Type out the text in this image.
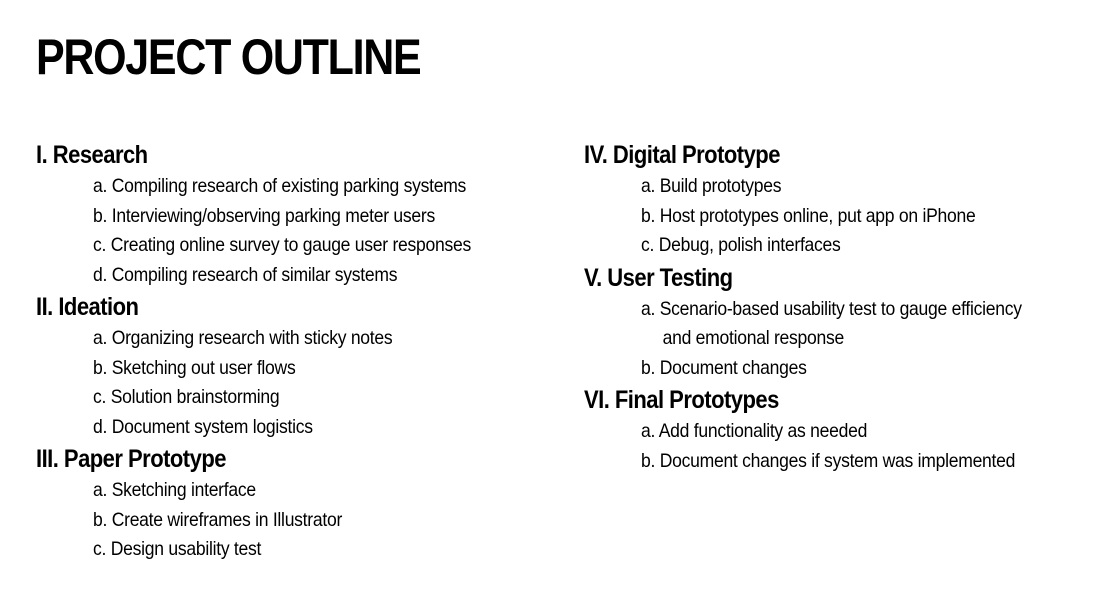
PROJECT OUTLINE
I. Research
a. Compiling research of existing parking systems
b. Interviewing/observing parking meter users
c. Creating online survey to gauge user responses
d. Compiling research of similar systems
II. Ideation
a. Organizing research with sticky notes
b. Sketching out user flows
c. Solution brainstorming
d. Document system logistics
III. Paper Prototype
a. Sketching interface
b. Create wireframes in Illustrator
c. Design usability test
IV. Digital Prototype
a. Build prototypes
b. Host prototypes online, put app on iPhone
c. Debug, polish interfaces
V. User Testing
a. Scenario-based usability test to gauge efficiency
and emotional response
b. Document changes
VI. Final Prototypes
a. Add functionality as needed
b. Document changes if system was implemented
